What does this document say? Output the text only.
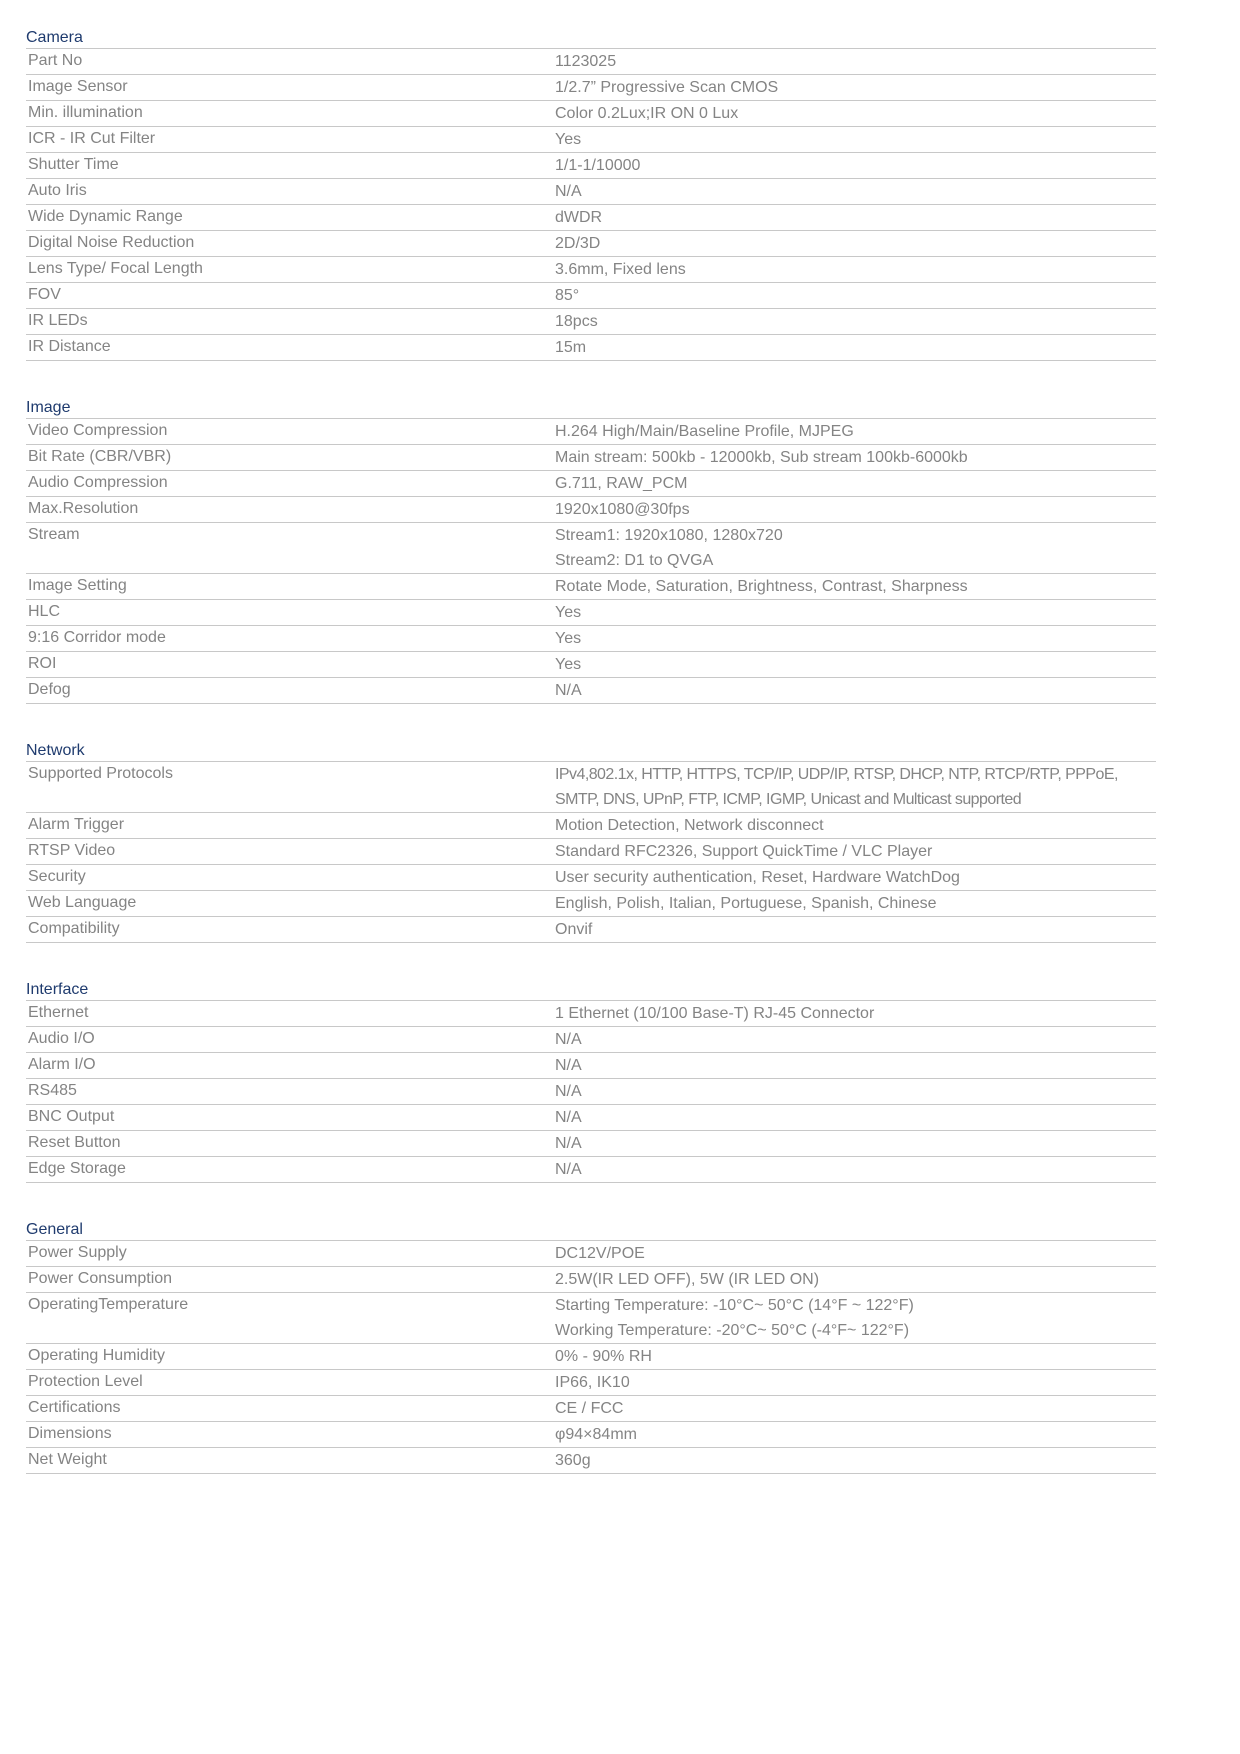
Camera
Part No	1123025
Image Sensor	1/2.7” Progressive Scan CMOS
Min. illumination	Color 0.2Lux;IR ON 0 Lux
ICR - IR Cut Filter	Yes
Shutter Time	1/1-1/10000
Auto Iris	N/A
Wide Dynamic Range	dWDR
Digital Noise Reduction	2D/3D
Lens Type/ Focal Length	3.6mm, Fixed lens
FOV	85°
IR LEDs	18pcs
IR Distance	15m
Image
Video Compression	H.264 High/Main/Baseline Profile, MJPEG
Bit Rate (CBR/VBR)	Main stream: 500kb - 12000kb, Sub stream 100kb-6000kb
Audio Compression	G.711, RAW_PCM
Max.Resolution	1920x1080@30fps
Stream	Stream1: 1920x1080, 1280x720
Stream2: D1 to QVGA
Image Setting	Rotate Mode, Saturation, Brightness, Contrast, Sharpness
HLC	Yes
9:16 Corridor mode	Yes
ROI	Yes
Defog	N/A
Network
Supported Protocols	IPv4,802.1x, HTTP, HTTPS, TCP/IP, UDP/IP, RTSP, DHCP, NTP, RTCP/RTP, PPPoE,
SMTP, DNS, UPnP, FTP, ICMP, IGMP, Unicast and Multicast supported
Alarm Trigger	Motion Detection, Network disconnect
RTSP Video	Standard RFC2326, Support QuickTime / VLC Player
Security	User security authentication, Reset, Hardware WatchDog
Web Language	English, Polish, Italian, Portuguese, Spanish, Chinese
Compatibility	Onvif
Interface
Ethernet	1 Ethernet (10/100 Base-T) RJ-45 Connector
Audio I/O	N/A
Alarm I/O	N/A
RS485	N/A
BNC Output	N/A
Reset Button	N/A
Edge Storage	N/A
General
Power Supply	DC12V/POE
Power Consumption	2.5W(IR LED OFF), 5W (IR LED ON)
OperatingTemperature	Starting Temperature: -10°C~ 50°C (14°F ~ 122°F)
Working Temperature: -20°C~ 50°C (-4°F~ 122°F)
Operating Humidity	0% - 90% RH
Protection Level	IP66, IK10
Certifications	CE / FCC
Dimensions	φ94×84mm
Net Weight	360g
